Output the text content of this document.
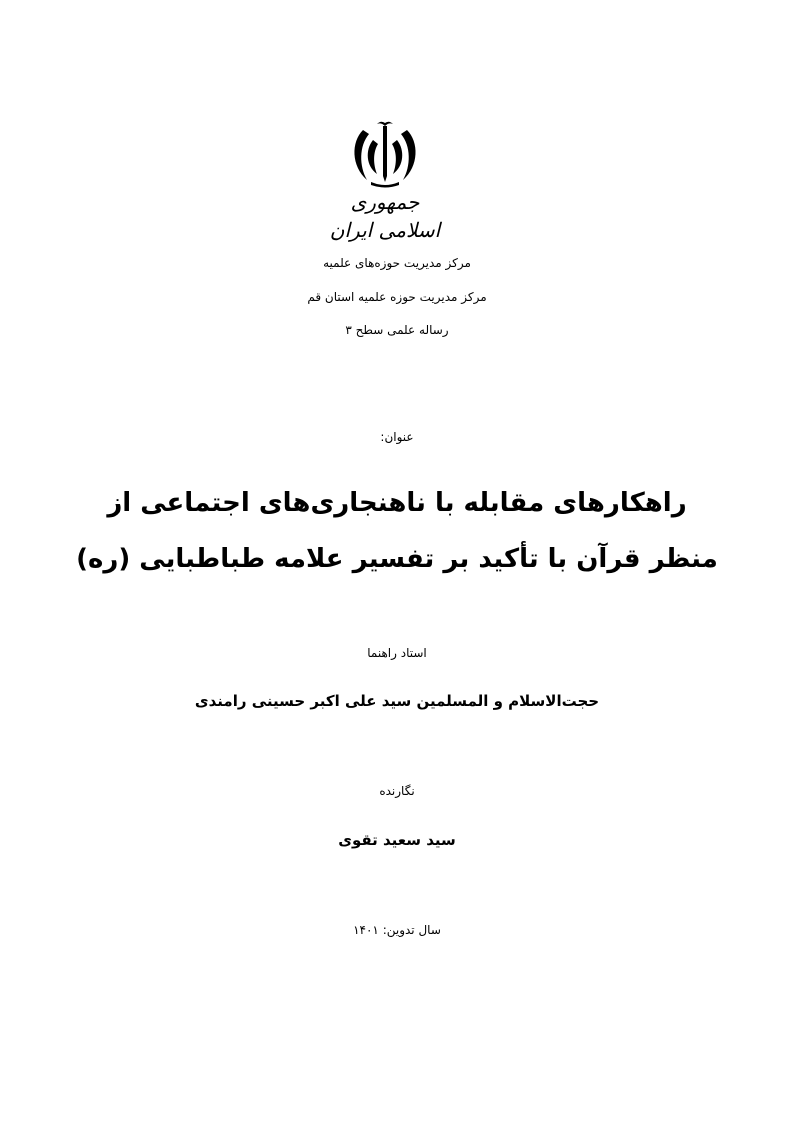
جمهوری اسلامی ایران
مرکز مدیریت حوزه‌های علمیه
مرکز مدیریت حوزه علمیه استان قم
رساله علمی سطح ۳
عنوان:
راهکارهای مقابله با ناهنجاری‌های اجتماعی از
منظر قرآن با تأکید بر تفسیر علامه طباطبایی (ره)
استاد راهنما
حجت‌الاسلام و المسلمین سید علی اکبر حسینی رامندی
نگارنده
سید سعید تقوی
سال تدوین: ۱۴۰۱
